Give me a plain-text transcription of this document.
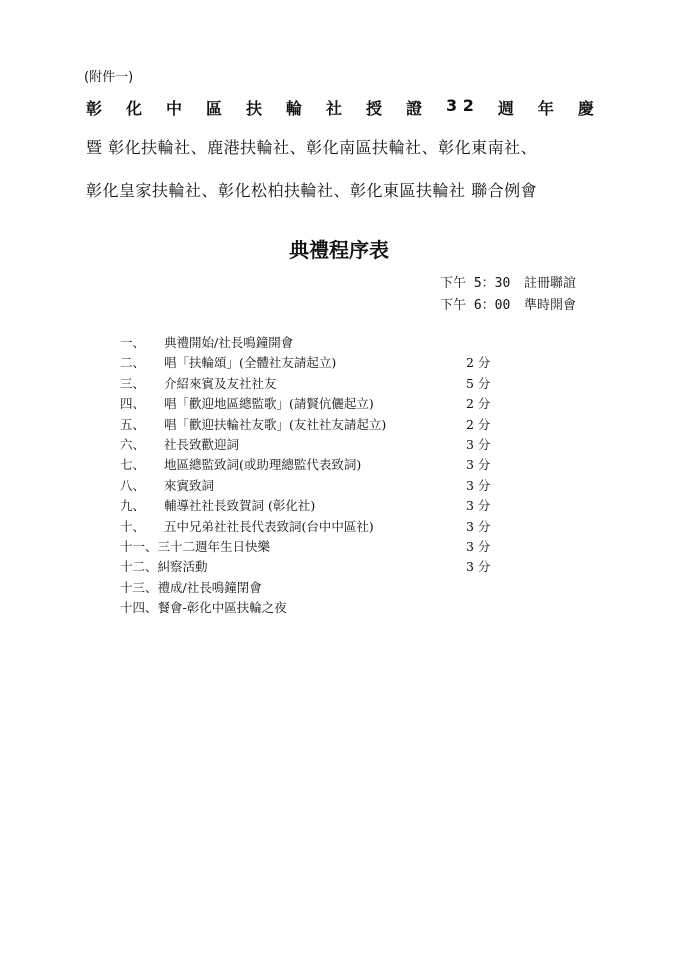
(附件一)
彰 化 中 區 扶 輪 社 授 證 3 2 週 年 慶
暨 彰化扶輪社、鹿港扶輪社、彰化南區扶輪社、彰化東南社、
彰化皇家扶輪社、彰化松柏扶輪社、彰化東區扶輪社 聯合例會
典禮程序表
下午 5：30 註冊聯誼
下午 6：00 準時開會
一、 典禮開始/社長鳴鐘開會
二、 唱「扶輪頌」(全體社友請起立)	2 分
三、 介紹來賓及友社社友	5 分
四、 唱「歡迎地區總監歌」(請賢伉儷起立)	2 分
五、 唱「歡迎扶輪社友歌」(友社社友請起立)	2 分
六、 社長致歡迎詞	3 分
七、 地區總監致詞(或助理總監代表致詞)	3 分
八、 來賓致詞	3 分
九、 輔導社社長致賀詞 (彰化社)	3 分
十、 五中兄弟社社長代表致詞(台中中區社)	3 分
十一、三十二週年生日快樂	3 分
十二、糾察活動	3 分
十三、禮成/社長鳴鐘閉會
十四、餐會-彰化中區扶輪之夜
